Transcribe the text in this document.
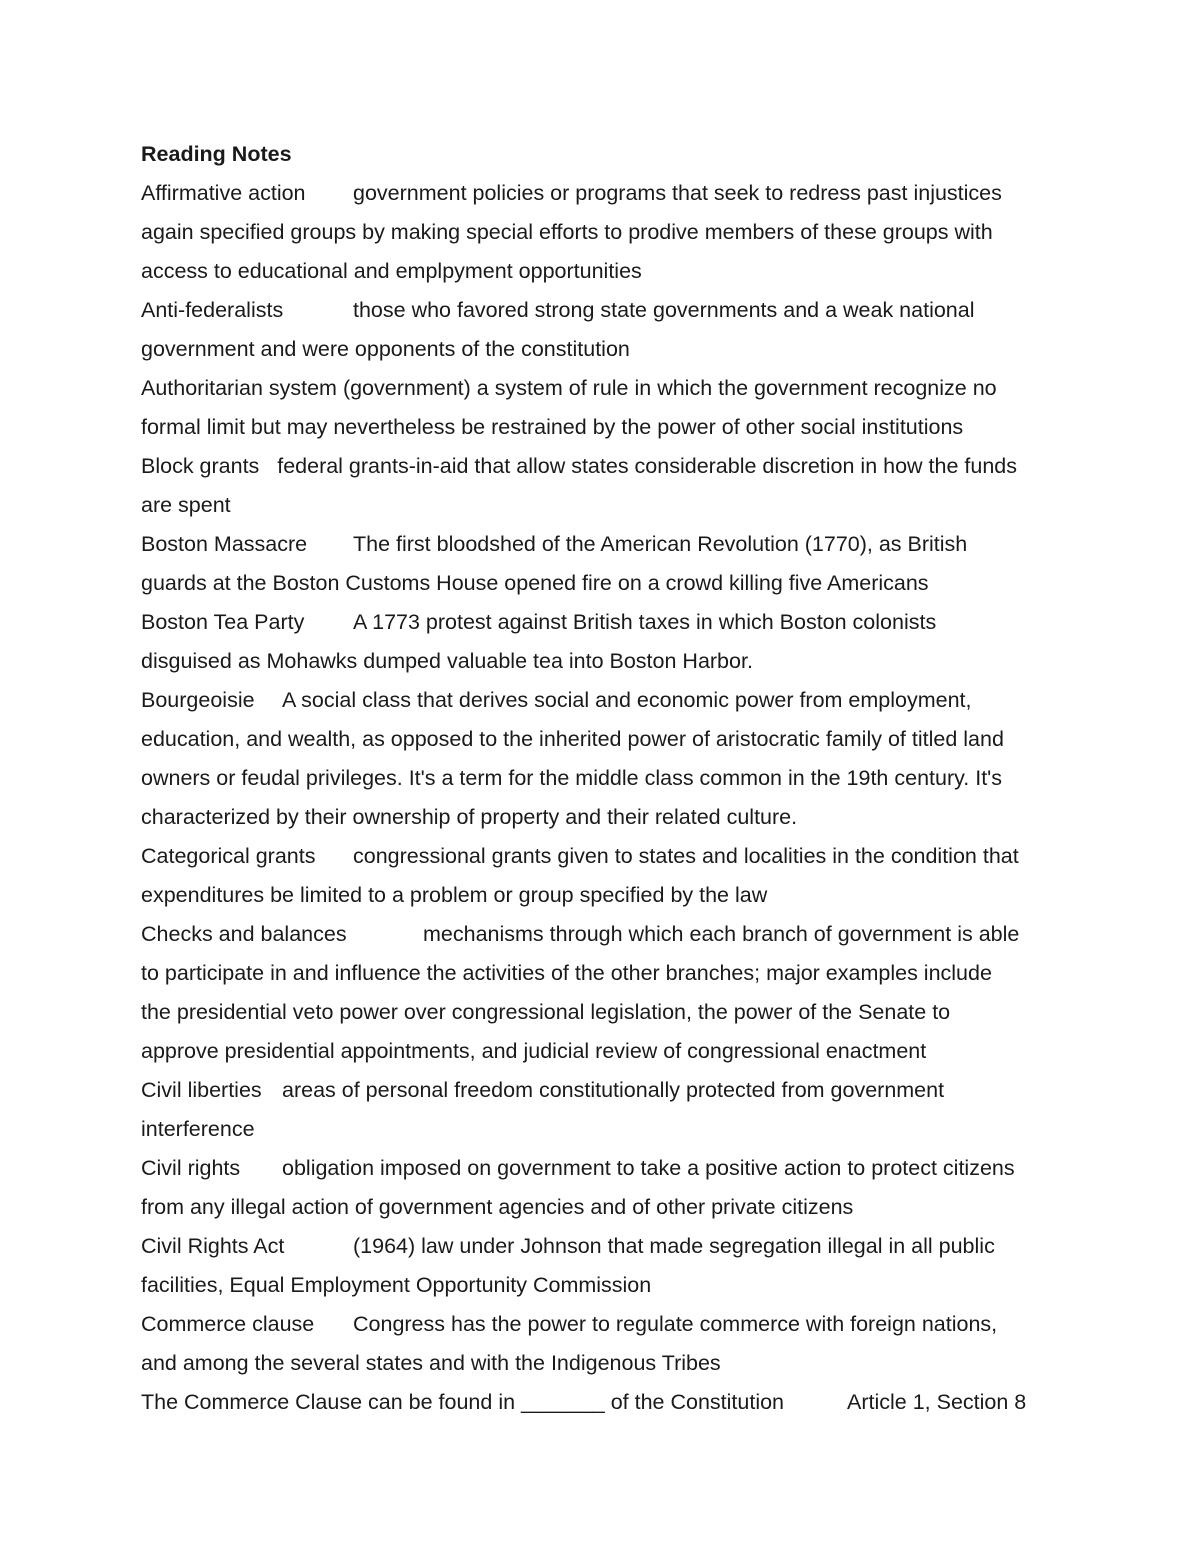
Reading Notes
Affirmative action government policies or programs that seek to redress past injustices
again specified groups by making special efforts to prodive members of these groups with
access to educational and emplpyment opportunities
Anti-federalists	those who favored strong state governments and a weak national
government and were opponents of the constitution
Authoritarian system (government) a system of rule in which the government recognize no
formal limit but may nevertheless be restrained by the power of other social institutions
Block grants   federal grants-in-aid that allow states considerable discretion in how the funds
are spent
Boston Massacre The first bloodshed of the American Revolution (1770), as British
guards at the Boston Customs House opened fire on a crowd killing five Americans
Boston Tea Party A 1773 protest against British taxes in which Boston colonists
disguised as Mohawks dumped valuable tea into Boston Harbor.
Bourgeoisie A social class that derives social and economic power from employment,
education, and wealth, as opposed to the inherited power of aristocratic family of titled land
owners or feudal privileges. It's a term for the middle class common in the 19th century. It's
characterized by their ownership of property and their related culture.
Categorical grants congressional grants given to states and localities in the condition that
expenditures be limited to a problem or group specified by the law
Checks and balances	mechanisms through which each branch of government is able
to participate in and influence the activities of the other branches; major examples include
the presidential veto power over congressional legislation, the power of the Senate to
approve presidential appointments, and judicial review of congressional enactment
Civil liberties areas of personal freedom constitutionally protected from government
interference
Civil rights obligation imposed on government to take a positive action to protect citizens
from any illegal action of government agencies and of other private citizens
Civil Rights Act	(1964) law under Johnson that made segregation illegal in all public
facilities, Equal Employment Opportunity Commission
Commerce clause Congress has the power to regulate commerce with foreign nations,
and among the several states and with the Indigenous Tribes
The Commerce Clause can be found in _______ of the Constitution	Article 1, Section 8
